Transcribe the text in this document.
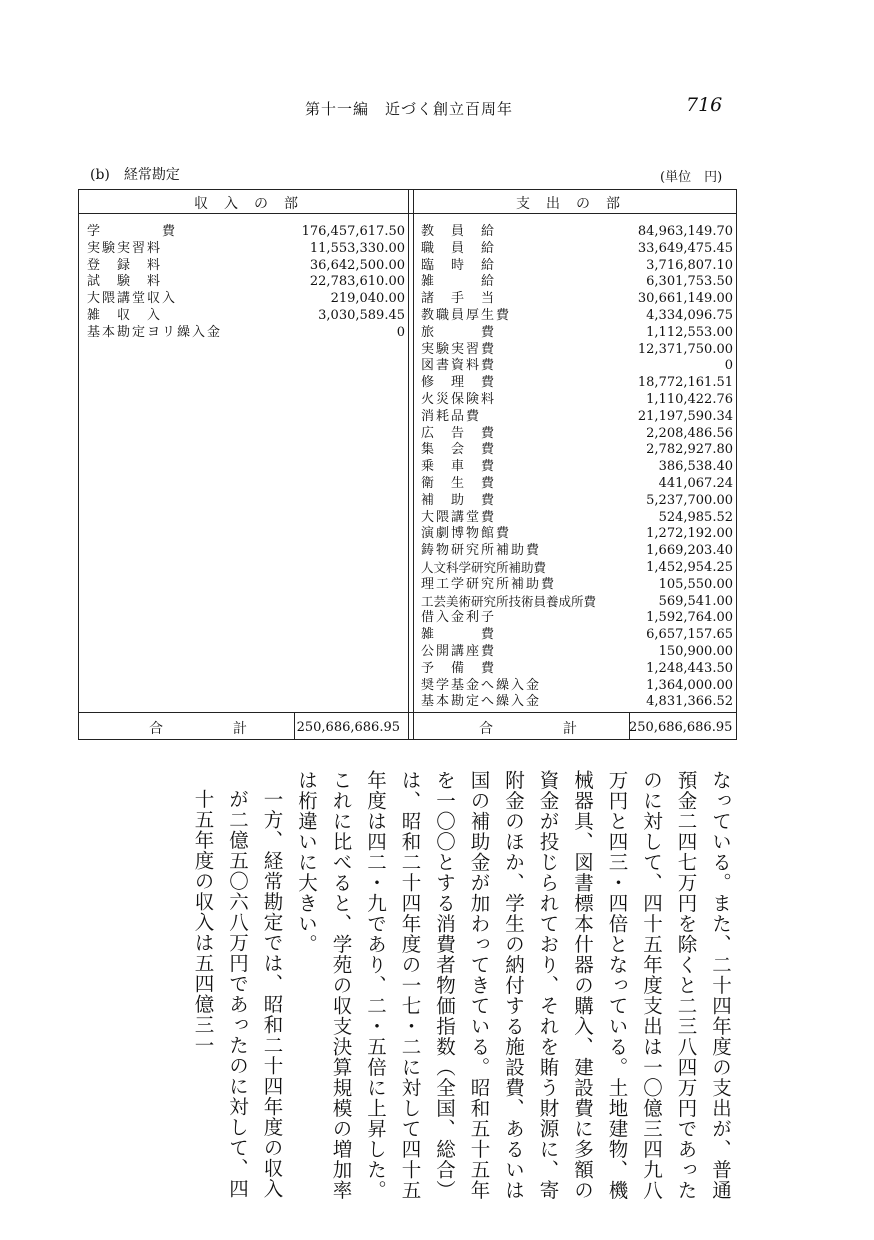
第十一編　近づく創立百周年	716
(b)　経常勘定	(単位　円)
収入の部	支出の部
学　　　　費	176,457,617.50
実験実習料	11,553,330.00
登　録　料	36,642,500.00
試　験　料	22,783,610.00
大隈講堂収入	219,040.00
雑　収　入	3,030,589.45
基本勘定ヨリ繰入金	0
教　員　給	84,963,149.70
職　員　給	33,649,475.45
臨　時　給	3,716,807.10
雑　　　給	6,301,753.50
諸　手　当	30,661,149.00
教職員厚生費	4,334,096.75
旅　　　費	1,112,553.00
実験実習費	12,371,750.00
図書資料費	0
修　理　費	18,772,161.51
火災保険料	1,110,422.76
消耗品費	21,197,590.34
広　告　費	2,208,486.56
集　会　費	2,782,927.80
乗　車　費	386,538.40
衛　生　費	441,067.24
補　助　費	5,237,700.00
大隈講堂費	524,985.52
演劇博物館費	1,272,192.00
鋳物研究所補助費	1,669,203.40
人文科学研究所補助費	1,452,954.25
理工学研究所補助費	105,550.00
工芸美術研究所技術員養成所費	569,541.00
借入金利子	1,592,764.00
雑　　　費	6,657,157.65
公開講座費	150,900.00
予　備　費	1,248,443.50
奨学基金へ繰入金	1,364,000.00
基本勘定へ繰入金	4,831,366.52
合　　　　　計	250,686,686.95	合　　　　　計	250,686,686.95

なっている。また、二十四年度の支出が、普通預金二四七万円を除くと二三八四万円であったのに対して、四十五年度支出は一〇億三四九八万円と四三・四倍となっている。土地建物、機械器具、図書標本什器の購入、建設費に多額の資金が投じられており、それを賄う財源に、寄附金のほか、学生の納付する施設費、あるいは国の補助金が加わってきている。昭和五十五年を一〇〇とする消費者物価指数（全国、総合）は、昭和二十四年度の一七・二に対して四十五年度は四二・九であり、二・五倍に上昇した。これに比べると、学苑の収支決算規模の増加率は桁違いに大きい。

一方、経常勘定では、昭和二十四年度の収入が二億五〇六八万円であったのに対して、四十五年度の収入は五四億三一
